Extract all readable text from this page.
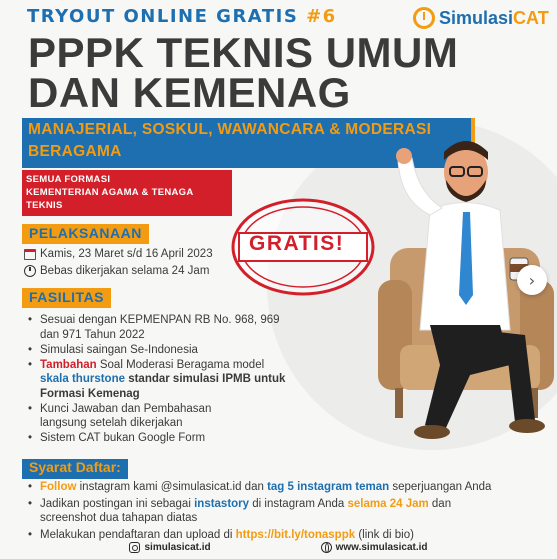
TRYOUT ONLINE GRATIS #6	SimulasiCAT
PPPK TEKNIS UMUM
DAN KEMENAG
MANAJERIAL, SOSKUL, WAWANCARA & MODERASI
BERAGAMA
SEMUA FORMASI
KEMENTERIAN AGAMA & TENAGA
TEKNIS
GRATIS!
PELAKSANAAN
Kamis, 23 Maret s/d 16 April 2023
Bebas dikerjakan selama 24 Jam
FASILITAS
• Sesuai dengan KEPMENPAN RB No. 968, 969
dan 971 Tahun 2022
• Simulasi saingan Se-Indonesia
• Tambahan Soal Moderasi Beragama model
skala thurstone standar simulasi IPMB untuk
Formasi Kemenag
• Kunci Jawaban dan Pembahasan
langsung setelah dikerjakan
• Sistem CAT bukan Google Form
Syarat Daftar:
• Follow instagram kami @simulasicat.id dan tag 5 instagram teman seperjuangan Anda
• Jadikan postingan ini sebagai instastory di instagram Anda selama 24 Jam dan
screenshot dua tahapan diatas
• Melakukan pendaftaran dan upload di https://bit.ly/tonasppk (link di bio)
simulasicat.id	www.simulasicat.id
›
